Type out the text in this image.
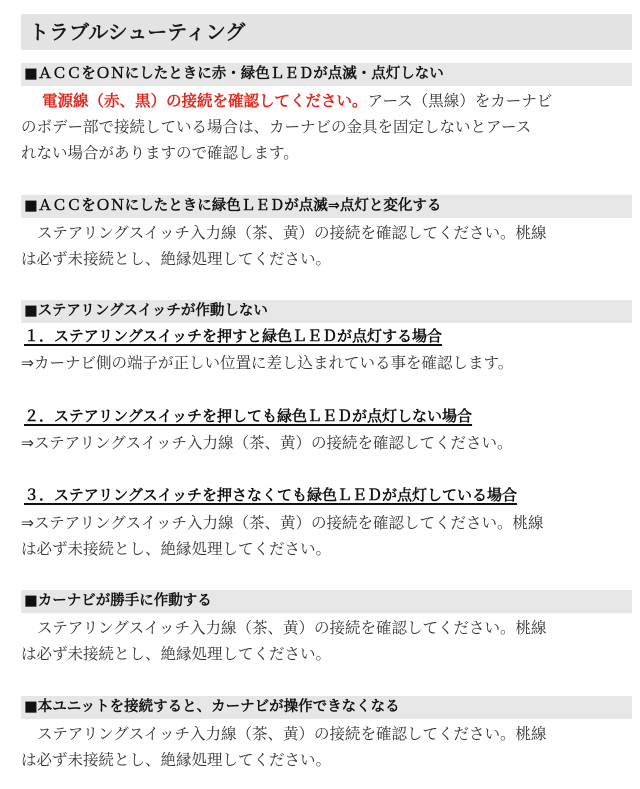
トラブルシューティング
■ＡＣＣをＯＮにしたときに赤・緑色ＬＥＤが点滅・点灯しない
電源線（赤、黒）の接続を確認してください。アース（黒線）をカーナビ
のボデー部で接続している場合は、カーナビの金具を固定しないとアース
れない場合がありますので確認します。
■ＡＣＣをＯＮにしたときに緑色ＬＥＤが点滅⇒点灯と変化する
ステアリングスイッチ入力線（茶、黄）の接続を確認してください。桃線
は必ず未接続とし、絶縁処理してください。
■ステアリングスイッチが作動しない
１．ステアリングスイッチを押すと緑色ＬＥＤが点灯する場合
⇒カーナビ側の端子が正しい位置に差し込まれている事を確認します。
２．ステアリングスイッチを押しても緑色ＬＥＤが点灯しない場合
⇒ステアリングスイッチ入力線（茶、黄）の接続を確認してください。
３．ステアリングスイッチを押さなくても緑色ＬＥＤが点灯している場合
⇒ステアリングスイッチ入力線（茶、黄）の接続を確認してください。桃線
は必ず未接続とし、絶縁処理してください。
■カーナビが勝手に作動する
ステアリングスイッチ入力線（茶、黄）の接続を確認してください。桃線
は必ず未接続とし、絶縁処理してください。
■本ユニットを接続すると、カーナビが操作できなくなる
ステアリングスイッチ入力線（茶、黄）の接続を確認してください。桃線
は必ず未接続とし、絶縁処理してください。
